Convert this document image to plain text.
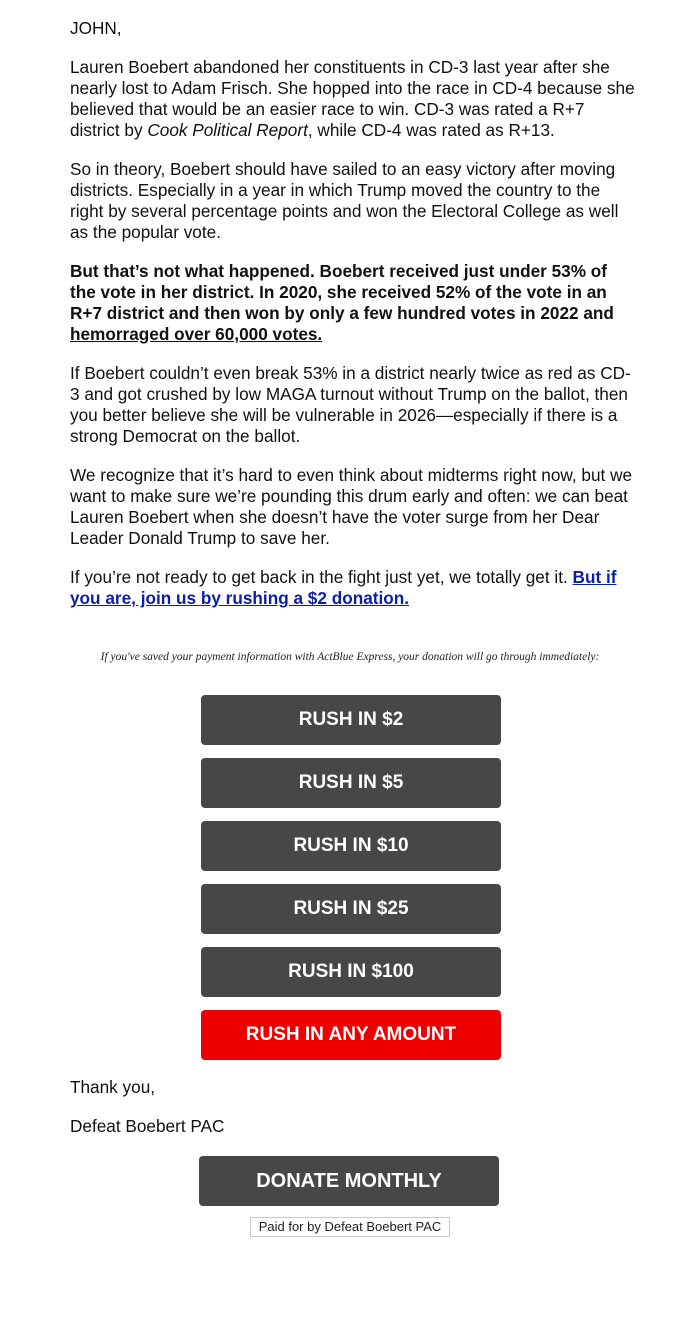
JOHN,

Lauren Boebert abandoned her constituents in CD-3 last year after she nearly lost to Adam Frisch. She hopped into the race in CD-4 because she believed that would be an easier race to win. CD-3 was rated a R+7 district by Cook Political Report, while CD-4 was rated as R+13.

So in theory, Boebert should have sailed to an easy victory after moving districts. Especially in a year in which Trump moved the country to the right by several percentage points and won the Electoral College as well as the popular vote.

But that’s not what happened. Boebert received just under 53% of the vote in her district. In 2020, she received 52% of the vote in an R+7 district and then won by only a few hundred votes in 2022 and hemorraged over 60,000 votes.

If Boebert couldn’t even break 53% in a district nearly twice as red as CD-3 and got crushed by low MAGA turnout without Trump on the ballot, then you better believe she will be vulnerable in 2026—especially if there is a strong Democrat on the ballot.

We recognize that it’s hard to even think about midterms right now, but we want to make sure we’re pounding this drum early and often: we can beat Lauren Boebert when she doesn’t have the voter surge from her Dear Leader Donald Trump to save her.

If you’re not ready to get back in the fight just yet, we totally get it. But if you are, join us by rushing a $2 donation.

If you've saved your payment information with ActBlue Express, your donation will go through immediately:
RUSH IN $2
RUSH IN $5
RUSH IN $10
RUSH IN $25
RUSH IN $100
RUSH IN ANY AMOUNT
Thank you,
Defeat Boebert PAC
DONATE MONTHLY
Paid for by Defeat Boebert PAC
